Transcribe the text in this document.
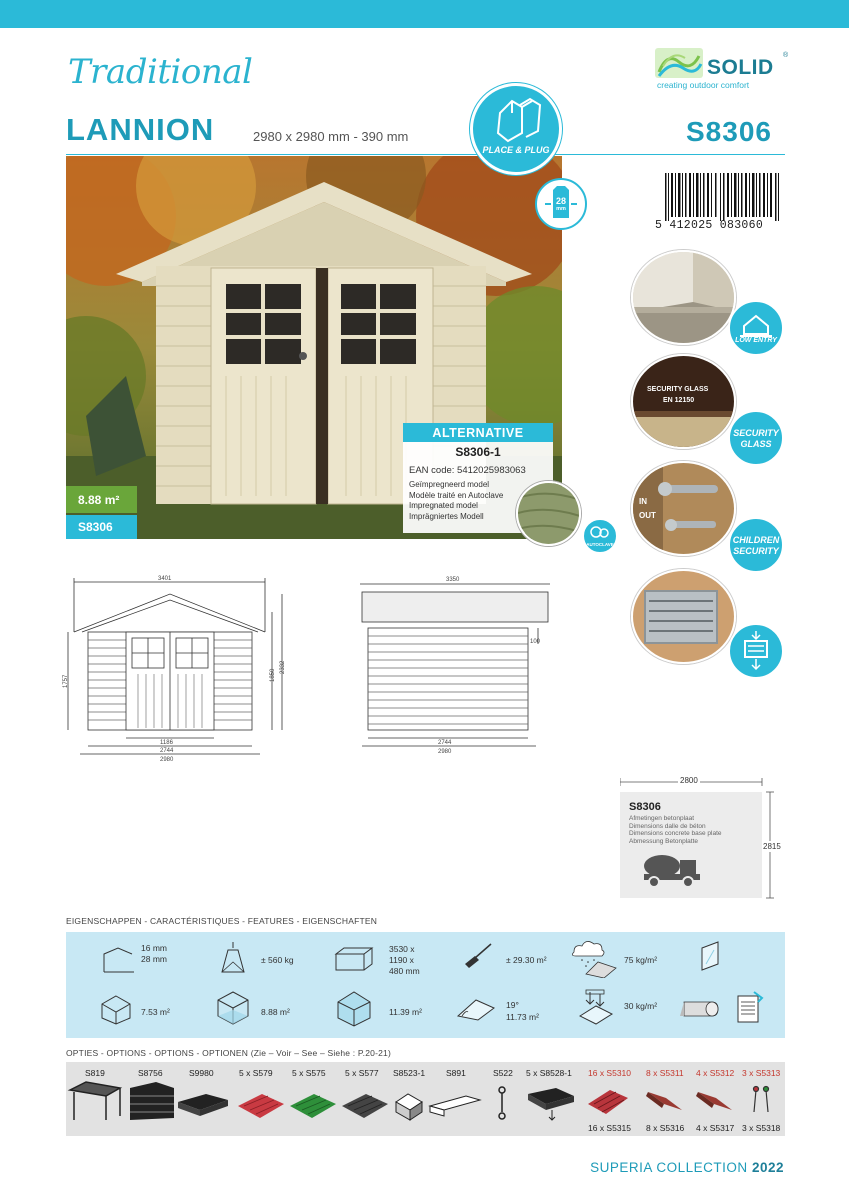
Traditional	SOLID
®
creating outdoor comfort
LANNION	2980 x 2980 mm - 390 mm	S8306
PLACE & PLUG
28
mm
8.88 m²
S8306
ALTERNATIVE
S8306-1
EAN code: 5412025983063
Geïmpregneerd model
Modèle traité en Autoclave
Impregnated model
Imprägniertes Modell
AUTOCLAVE
5 412025 083060
LOW ENTRY
SECURITY GLASS
EN 12150
SECURITY
GLASS
IN
OUT
CHILDREN
SECURITY
3401
1186
2744
2980
1757	1850
2332
3350
100
2744
2980
2800
2815
S8306
Afmetingen betonplaat
Dimensions dalle de béton
Dimensions concrete base plate
Abmessung Betonplatte
EIGENSCHAPPEN - CARACTÉRISTIQUES - FEATURES - EIGENSCHAFTEN
16 mm
28 mm	± 560 kg
3530 x
1190 x
480 mm
± 29.30 m²	75 kg/m²
7.53 m²	8.88 m²	11.39 m²
19°
11.73 m²
30 kg/m²
OPTIES - OPTIONS - OPTIONS - OPTIONEN (Zie – Voir – See – Siehe : P.20-21)
S819	S8756	S9980	5 x S579 5 x S575 5 x S577 S8523-1 S891	S522 5 x S8528-1 16 x S5310 8 x S5311 4 x S5312 3 x S5313
16 x S5315 8 x S5316 4 x S5317 3 x S5318
SUPERIA COLLECTION 2022
